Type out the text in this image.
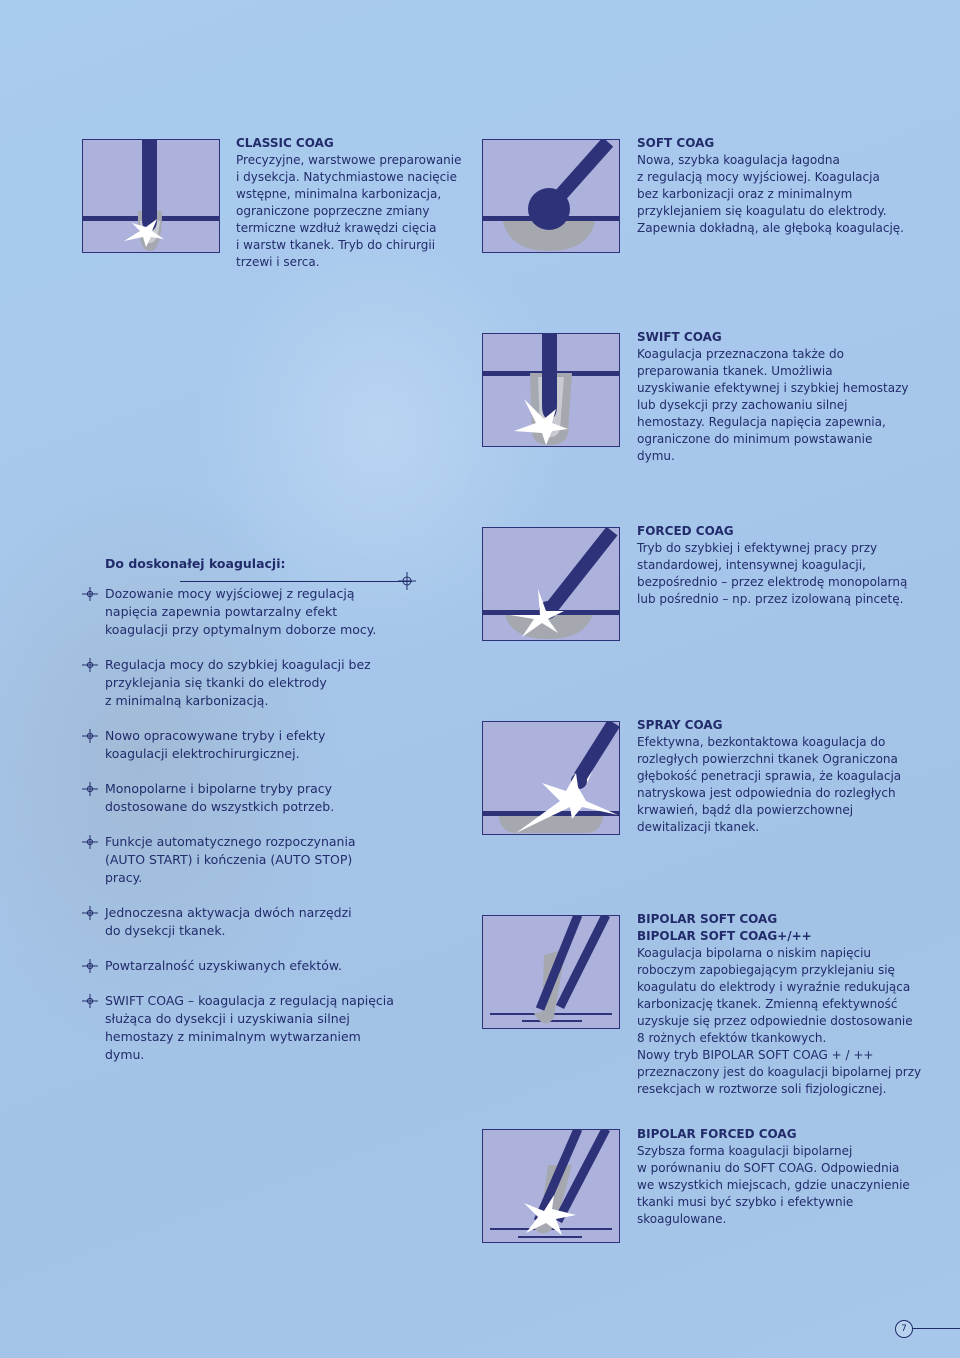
CLASSIC COAG
Precyzyjne, warstwowe preparowanie
i dysekcja. Natychmiastowe nacięcie
wstępne, minimalna karbonizacja,
ograniczone poprzeczne zmiany
termiczne wzdłuż krawędzi cięcia
i warstw tkanek. Tryb do chirurgii
trzewi i serca.
SOFT COAG
Nowa, szybka koagulacja łagodna
z regulacją mocy wyjściowej. Koagulacja
bez karbonizacji oraz z minimalnym
przyklejaniem się koagulatu do elektrody.
Zapewnia dokładną, ale głęboką koagulację.
SWIFT COAG
Koagulacja przeznaczona także do
preparowania tkanek. Umożliwia
uzyskiwanie efektywnej i szybkiej hemostazy
lub dysekcji przy zachowaniu silnej
hemostazy. Regulacja napięcia zapewnia,
ograniczone do minimum powstawanie
dymu.
FORCED COAG
Tryb do szybkiej i efektywnej pracy przy
standardowej, intensywnej koagulacji,
bezpośrednio – przez elektrodę monopolarną
lub pośrednio – np. przez izolowaną pincetę.
SPRAY COAG
Efektywna, bezkontaktowa koagulacja do
rozległych powierzchni tkanek Ograniczona
głębokość penetracji sprawia, że koagulacja
natryskowa jest odpowiednia do rozległych
krwawień, bądź dla powierzchownej
dewitalizacji tkanek.
BIPOLAR SOFT COAG
BIPOLAR SOFT COAG+/++
Koagulacja bipolarna o niskim napięciu
roboczym zapobiegającym przyklejaniu się
koagulatu do elektrody i wyraźnie redukująca
karbonizację tkanek. Zmienną efektywność
uzyskuje się przez odpowiednie dostosowanie
8 rożnych efektów tkankowych.
Nowy tryb BIPOLAR SOFT COAG + / ++
przeznaczony jest do koagulacji bipolarnej przy
resekcjach w roztworze soli fizjologicznej.
BIPOLAR FORCED COAG
Szybsza forma koagulacji bipolarnej
w porównaniu do SOFT COAG. Odpowiednia
we wszystkich miejscach, gdzie unaczynienie
tkanki musi być szybko i efektywnie
skoagulowane.
Do doskonałej koagulacji:
Dozowanie mocy wyjściowej z regulacją
napięcia zapewnia powtarzalny efekt
koagulacji przy optymalnym doborze mocy.
Regulacja mocy do szybkiej koagulacji bez
przyklejania się tkanki do elektrody
z minimalną karbonizacją.
Nowo opracowywane tryby i efekty
koagulacji elektrochirurgicznej.
Monopolarne i bipolarne tryby pracy
dostosowane do wszystkich potrzeb.
Funkcje automatycznego rozpoczynania
(AUTO START) i kończenia (AUTO STOP)
pracy.
Jednoczesna aktywacja dwóch narzędzi
do dysekcji tkanek.
Powtarzalność uzyskiwanych efektów.
SWIFT COAG – koagulacja z regulacją napięcia
służąca do dysekcji i uzyskiwania silnej
hemostazy z minimalnym wytwarzaniem
dymu.
7
